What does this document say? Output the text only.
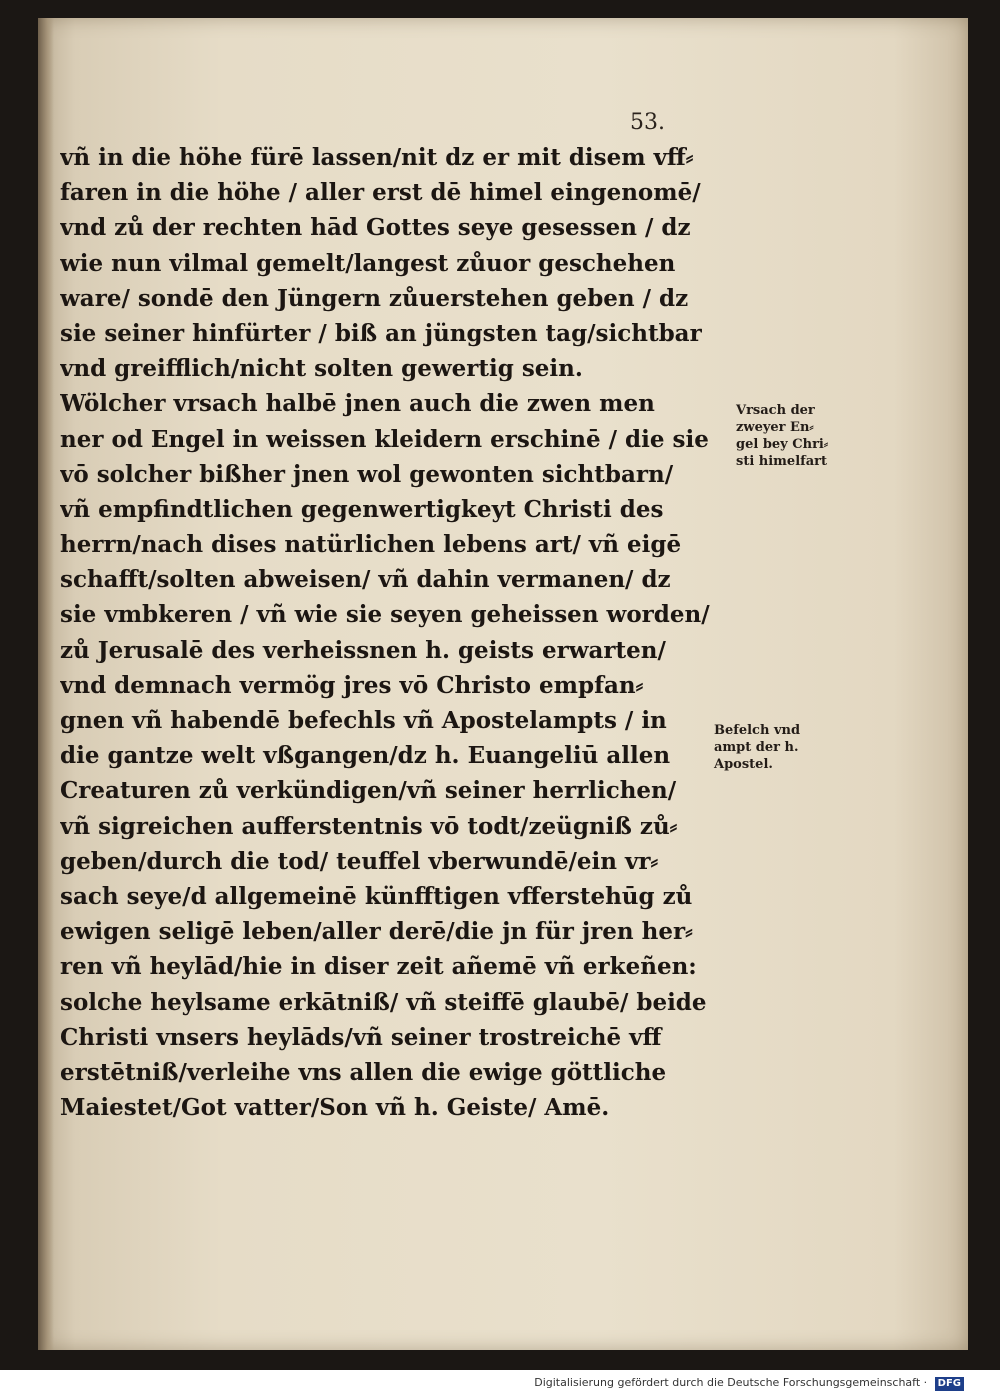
53.
vñ in die höhe fürē lassen/nit dz er mit disem vff⸗
faren in die höhe / aller erst dē himel eingenomē/
vnd zů der rechten hād Gottes seye gesessen / dz
wie nun vilmal gemelt/langest zůuor geschehen
ware/ sondē den Jüngern zůuerstehen geben / dz
sie seiner hinfürter / biß an jüngsten tag/sichtbar
vnd greifflich/nicht solten gewertig sein.
Wölcher vrsach halbē jnen auch die zwen men
ner od Engel in weissen kleidern erschinē / die sie
vō solcher bißher jnen wol gewonten sichtbarn/
vñ empfindtlichen gegenwertigkeyt Christi des
herrn/nach dises natürlichen lebens art/ vñ eigē
schafft/solten abweisen/ vñ dahin vermanen/ dz
sie vmbkeren / vñ wie sie seyen geheissen worden/
zů Jerusalē des verheissnen h. geists erwarten/
vnd demnach vermög jres vō Christo empfan⸗
gnen vñ habendē befechls vñ Apostelampts / in
die gantze welt vßgangen/dz h. Euangeliū allen
Creaturen zů verkündigen/vñ seiner herrlichen/
vñ sigreichen aufferstentnis vō todt/zeügniß zů⸗
geben/durch die tod/ teuffel vberwundē/ein vr⸗
sach seye/d allgemeinē künfftigen vfferstehūg zů
ewigen seligē leben/aller derē/die jn für jren her⸗
ren vñ heylād/hie in diser zeit añemē vñ erkeñen:
solche heylsame erkātniß/ vñ steiffē glaubē/ beide
Christi vnsers heylāds/vñ seiner trostreichē vff
erstētniß/verleihe vns allen die ewige göttliche
Maiestet/Got vatter/Son vñ h. Geiste/ Amē.
Vrsach der
zweyer En⸗
gel bey Chri⸗
sti himelfart
Befelch vnd
ampt der h.
Apostel.
Digitalisierung gefördert durch die Deutsche Forschungsgemeinschaft · DFG
